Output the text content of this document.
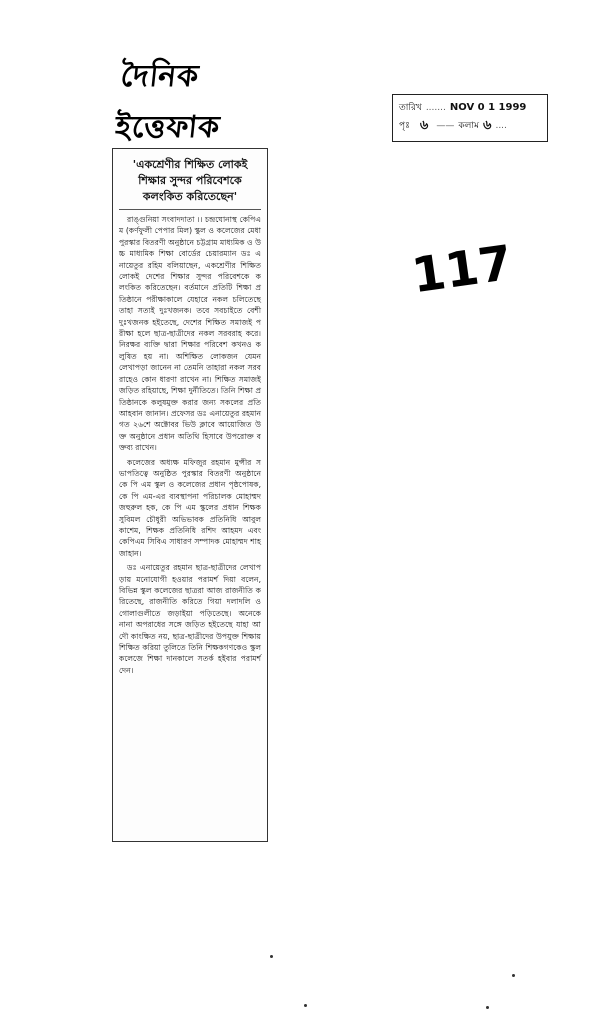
দৈনিক ইত্তেফাক
তারিখ ....... NOV 0 1 1999
পৃঃ ৬ —— কলাম ৬ ....
117
'একশ্রেণীর শিক্ষিত লোকই শিক্ষার সুন্দর পরিবেশকে কলংকিত করিতেছেন'

রাঙ্গুনিয়া সংবাদদাতা ।। চন্দ্রঘোনাস্থ কেপিএম (কর্ণফুলী পেপার মিল) স্কুল ও কলেজের মেধা পুরস্কার বিতরণী অনুষ্ঠানে চট্টগ্রাম মাধ্যমিক ও উচ্চ মাধ্যমিক শিক্ষা বোর্ডের চেয়ারম্যান ডঃ এনায়েতুর রহিম বলিয়াছেন, একশ্রেণীর শিক্ষিত লোকই দেশের শিক্ষার সুন্দর পরিবেশকে কলংকিত করিতেছেন। বর্তমানে প্রতিটি শিক্ষা প্রতিষ্ঠানে পরীক্ষাকালে যেহারে নকল চলিতেছে তাহা সত্যই দুঃখজনক। তবে সবচাইতে বেশী দুঃখজনক হইতেছে, দেশের শিক্ষিত সমাজই পরীক্ষা হলে ছাত্র-ছাত্রীদের নকল সরবরাহ করে। নিরক্ষর ব্যক্তি দ্বারা শিক্ষার পরিবেশ কখনও কলুষিত হয় না। অশিক্ষিত লোকজন যেমন লেখাপড়া জানেন না তেমনি তাহারা নকল সরবরাহেও কোন ধারণা রাখেন না। শিক্ষিত সমাজই জড়িত রহিয়াছে, শিক্ষা দুর্নীতিতে। তিনি শিক্ষা প্রতিষ্ঠানকে কলুষমুক্ত করার জন্য সকলের প্রতি আহবান জানান। প্রফেসর ডঃ এনায়েতুর রহমান গত ২৬শে অক্টোবর ভিউ ক্লাবে আয়োজিত উক্ত অনুষ্ঠানে প্রধান অতিথি হিসাবে উপরোক্ত বক্তব্য রাখেন।

কলেজের অধ্যক্ষ মফিজুর রহমান মুন্সীর সভাপতিত্বে অনুষ্ঠিত পুরস্কার বিতরণী অনুষ্ঠানে কে পি এম স্কুল ও কলেজের প্রধান পৃষ্ঠপোষক, কে পি এম-এর ব্যবস্থাপনা পরিচালক মোহাম্মদ জহুরুল হক, কে পি এম স্কুলের প্রধান শিক্ষক সুবিমল চৌধুরী অভিভাবক প্রতিনিধি আবুল কাশেম, শিক্ষক প্রতিনিধি রশিদ আহমদ এবং কেপিএম সিবিএ সাধারণ সম্পাদক মোহাম্মদ শাহজাহান।

ডঃ এনায়েতুর রহমান ছাত্র-ছাত্রীদের লেখাপড়ায় মনোযোগী হওয়ার পরামর্শ দিয়া বলেন, বিভিন্ন স্কুল কলেজের ছাত্ররা আজ রাজনীতি করিতেছে, রাজনীতি করিতে গিয়া দলাদলি ও গোলাগুলীতে জড়াইয়া পড়িতেছে। অনেকে নানা অপরাধের সঙ্গে জড়িত হইতেছে যাহা আদৌ কাংক্ষিত নয়, ছাত্র-ছাত্রীদের উপযুক্ত শিক্ষায় শিক্ষিত করিয়া তুলিতে তিনি শিক্ষকগণকেও স্কুল কলেজে শিক্ষা দানকালে সতর্ক হইবার পরামর্শ দেন।
